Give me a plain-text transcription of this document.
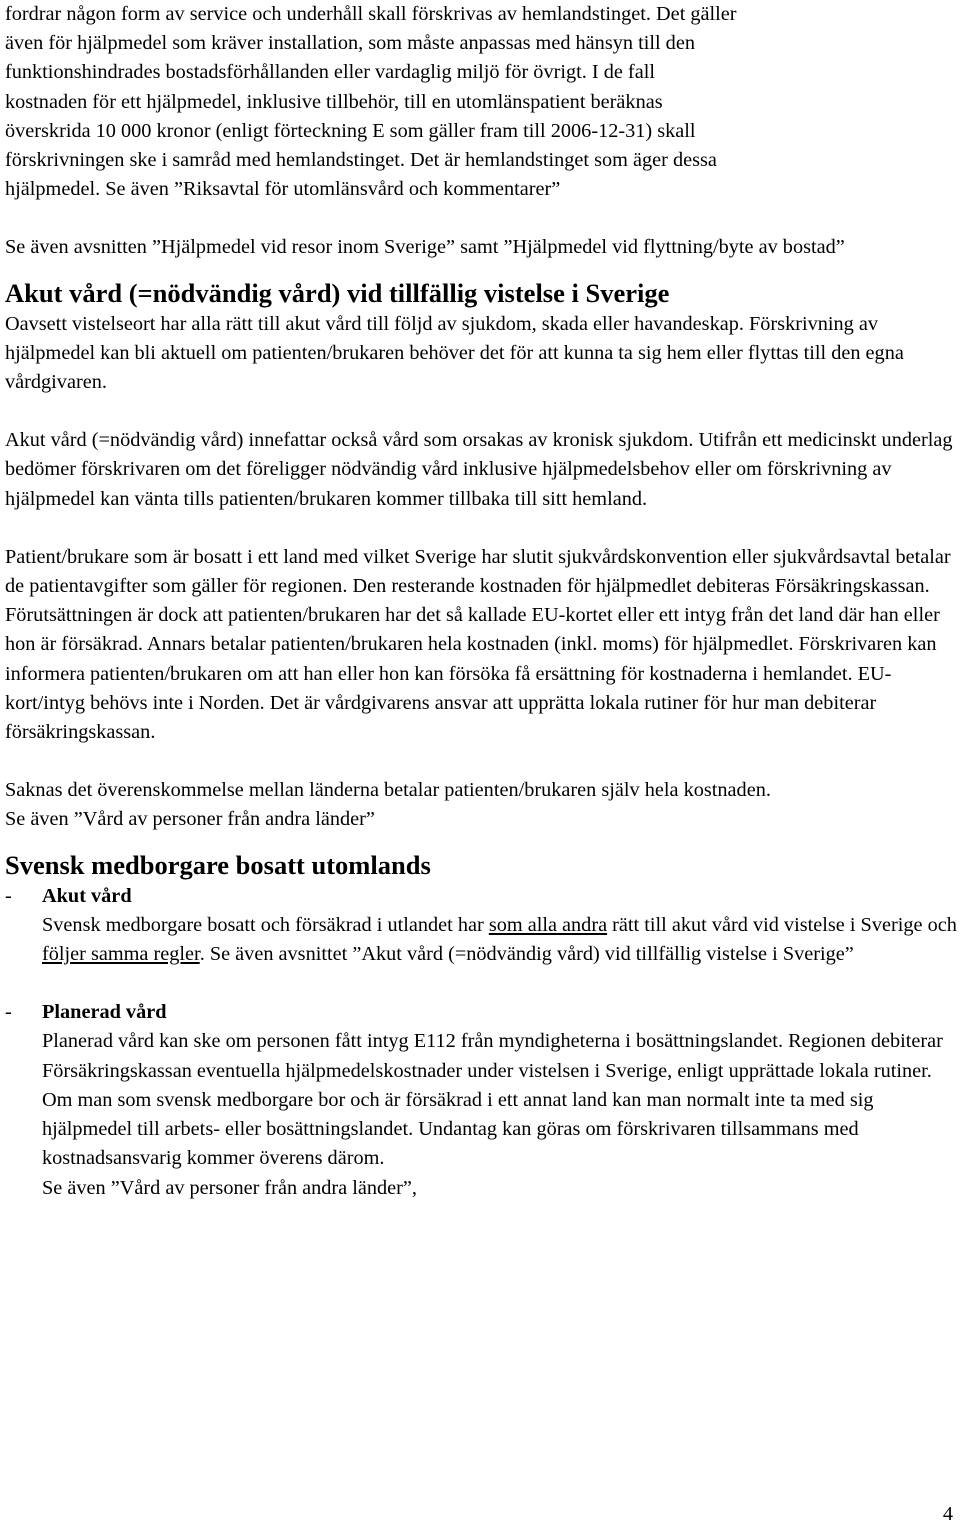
fordrar någon form av service och underhåll skall förskrivas av hemlandstinget. Det gäller
även för hjälpmedel som kräver installation, som måste anpassas med hänsyn till den
funktionshindrades bostadsförhållanden eller vardaglig miljö för övrigt. I de fall
kostnaden för ett hjälpmedel, inklusive tillbehör, till en utomlänspatient beräknas
överskrida 10 000 kronor (enligt förteckning E som gäller fram till 2006-12-31) skall
förskrivningen ske i samråd med hemlandstinget. Det är hemlandstinget som äger dessa
hjälpmedel. Se även ”Riksavtal för utomlänsvård och kommentarer”

Se även avsnitten ”Hjälpmedel vid resor inom Sverige” samt ”Hjälpmedel vid flyttning/byte av bostad”

Akut vård (=nödvändig vård) vid tillfällig vistelse i Sverige

Oavsett vistelseort har alla rätt till akut vård till följd av sjukdom, skada eller havandeskap. Förskrivning av hjälpmedel kan bli aktuell om patienten/brukaren behöver det för att kunna ta sig hem eller flyttas till den egna vårdgivaren.

Akut vård (=nödvändig vård) innefattar också vård som orsakas av kronisk sjukdom. Utifrån ett medicinskt underlag bedömer förskrivaren om det föreligger nödvändig vård inklusive hjälpmedelsbehov eller om förskrivning av hjälpmedel kan vänta tills patienten/brukaren kommer tillbaka till sitt hemland.

Patient/brukare som är bosatt i ett land med vilket Sverige har slutit sjukvårdskonvention eller sjukvårdsavtal betalar de patientavgifter som gäller för regionen. Den resterande kostnaden för hjälpmedlet debiteras Försäkringskassan. Förutsättningen är dock att patienten/brukaren har det så kallade EU-kortet eller ett intyg från det land där han eller hon är försäkrad. Annars betalar patienten/brukaren hela kostnaden (inkl. moms) för hjälpmedlet. Förskrivaren kan informera patienten/brukaren om att han eller hon kan försöka få ersättning för kostnaderna i hemlandet. EU-kort/intyg behövs inte i Norden. Det är vårdgivarens ansvar att upprätta lokala rutiner för hur man debiterar försäkringskassan.

Saknas det överenskommelse mellan länderna betalar patienten/brukaren själv hela kostnaden.
Se även ”Vård av personer från andra länder”

Svensk medborgare bosatt utomlands
-	Akut vård
Svensk medborgare bosatt och försäkrad i utlandet har som alla andra rätt till akut vård vid vistelse i Sverige och följer samma regler. Se även avsnittet ”Akut vård (=nödvändig vård) vid tillfällig vistelse i Sverige”
-	Planerad vård
Planerad vård kan ske om personen fått intyg E112 från myndigheterna i bosättningslandet. Regionen debiterar Försäkringskassan eventuella hjälpmedelskostnader under vistelsen i Sverige, enligt upprättade lokala rutiner. Om man som svensk medborgare bor och är försäkrad i ett annat land kan man normalt inte ta med sig hjälpmedel till arbets- eller bosättningslandet. Undantag kan göras om förskrivaren tillsammans med kostnadsansvarig kommer överens därom.
Se även ”Vård av personer från andra länder”,
4
